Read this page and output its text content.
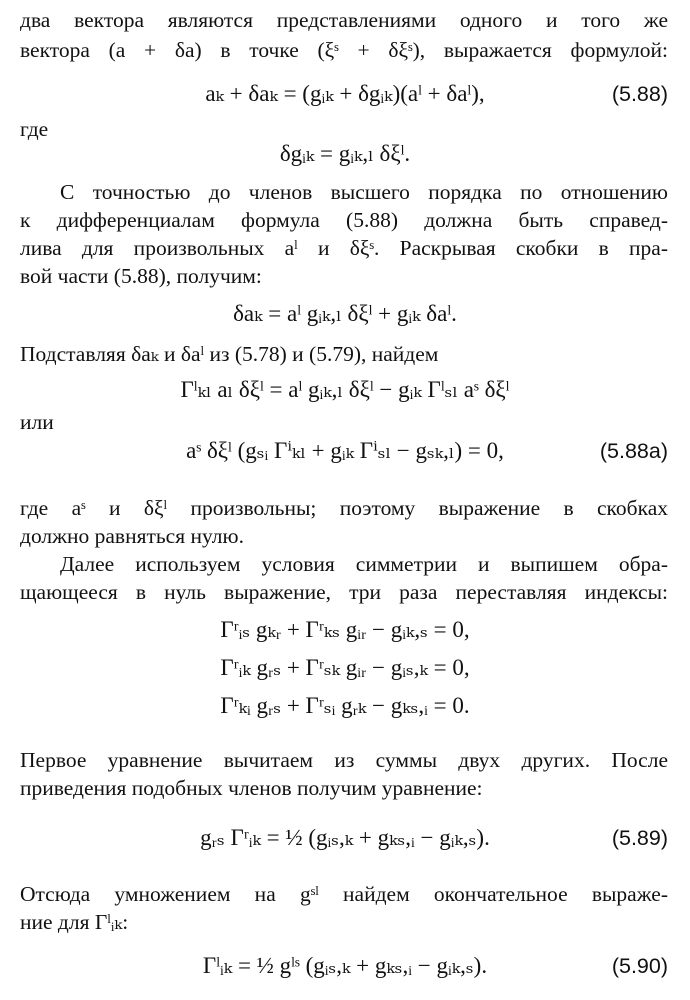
два вектора являются представлениями одного и того же
вектора (a + δa) в точке (ξˢ + δξˢ), выражается формулой:
aₖ + δaₖ = (gᵢₖ + δgᵢₖ)(aˡ + δaˡ),	(5.88)
где
δgᵢₖ = gᵢₖ,ₗ δξˡ.
С точностью до членов высшего порядка по отношению
к дифференциалам формула (5.88) должна быть справед-
лива для произвольных aˡ и δξˢ. Раскрывая скобки в пра-
вой части (5.88), получим:
δaₖ = aˡ gᵢₖ,ₗ δξˡ + gᵢₖ δaˡ.
Подставляя δaₖ и δaˡ из (5.78) и (5.79), найдем
Γˡₖₗ aₗ δξˡ = aˡ gᵢₖ,ₗ δξˡ − gᵢₖ Γˡₛₗ aˢ δξˡ
или
aˢ δξˡ (gₛᵢ Γⁱₖₗ + gᵢₖ Γⁱₛₗ − gₛₖ,ₗ) = 0,	(5.88a)
где aˢ и δξˡ произвольны; поэтому выражение в скобках
должно равняться нулю.
Далее используем условия симметрии и выпишем обра-
щающееся в нуль выражение, три раза переставляя индексы:
Γʳᵢₛ gₖᵣ + Γʳₖₛ gᵢᵣ − gᵢₖ,ₛ = 0,
Γʳᵢₖ gᵣₛ + Γʳₛₖ gᵢᵣ − gᵢₛ,ₖ = 0,
Γʳₖᵢ gᵣₛ + Γʳₛᵢ gᵣₖ − gₖₛ,ᵢ = 0.
Первое уравнение вычитаем из суммы двух других. После
приведения подобных членов получим уравнение:
gᵣₛ Γʳᵢₖ = ½ (gᵢₛ,ₖ + gₖₛ,ᵢ − gᵢₖ,ₛ).	(5.89)
Отсюда умножением на gˢˡ найдем окончательное выраже-
ние для Γˡᵢₖ:
Γˡᵢₖ = ½ gˡˢ (gᵢₛ,ₖ + gₖₛ,ᵢ − gᵢₖ,ₛ).	(5.90)
